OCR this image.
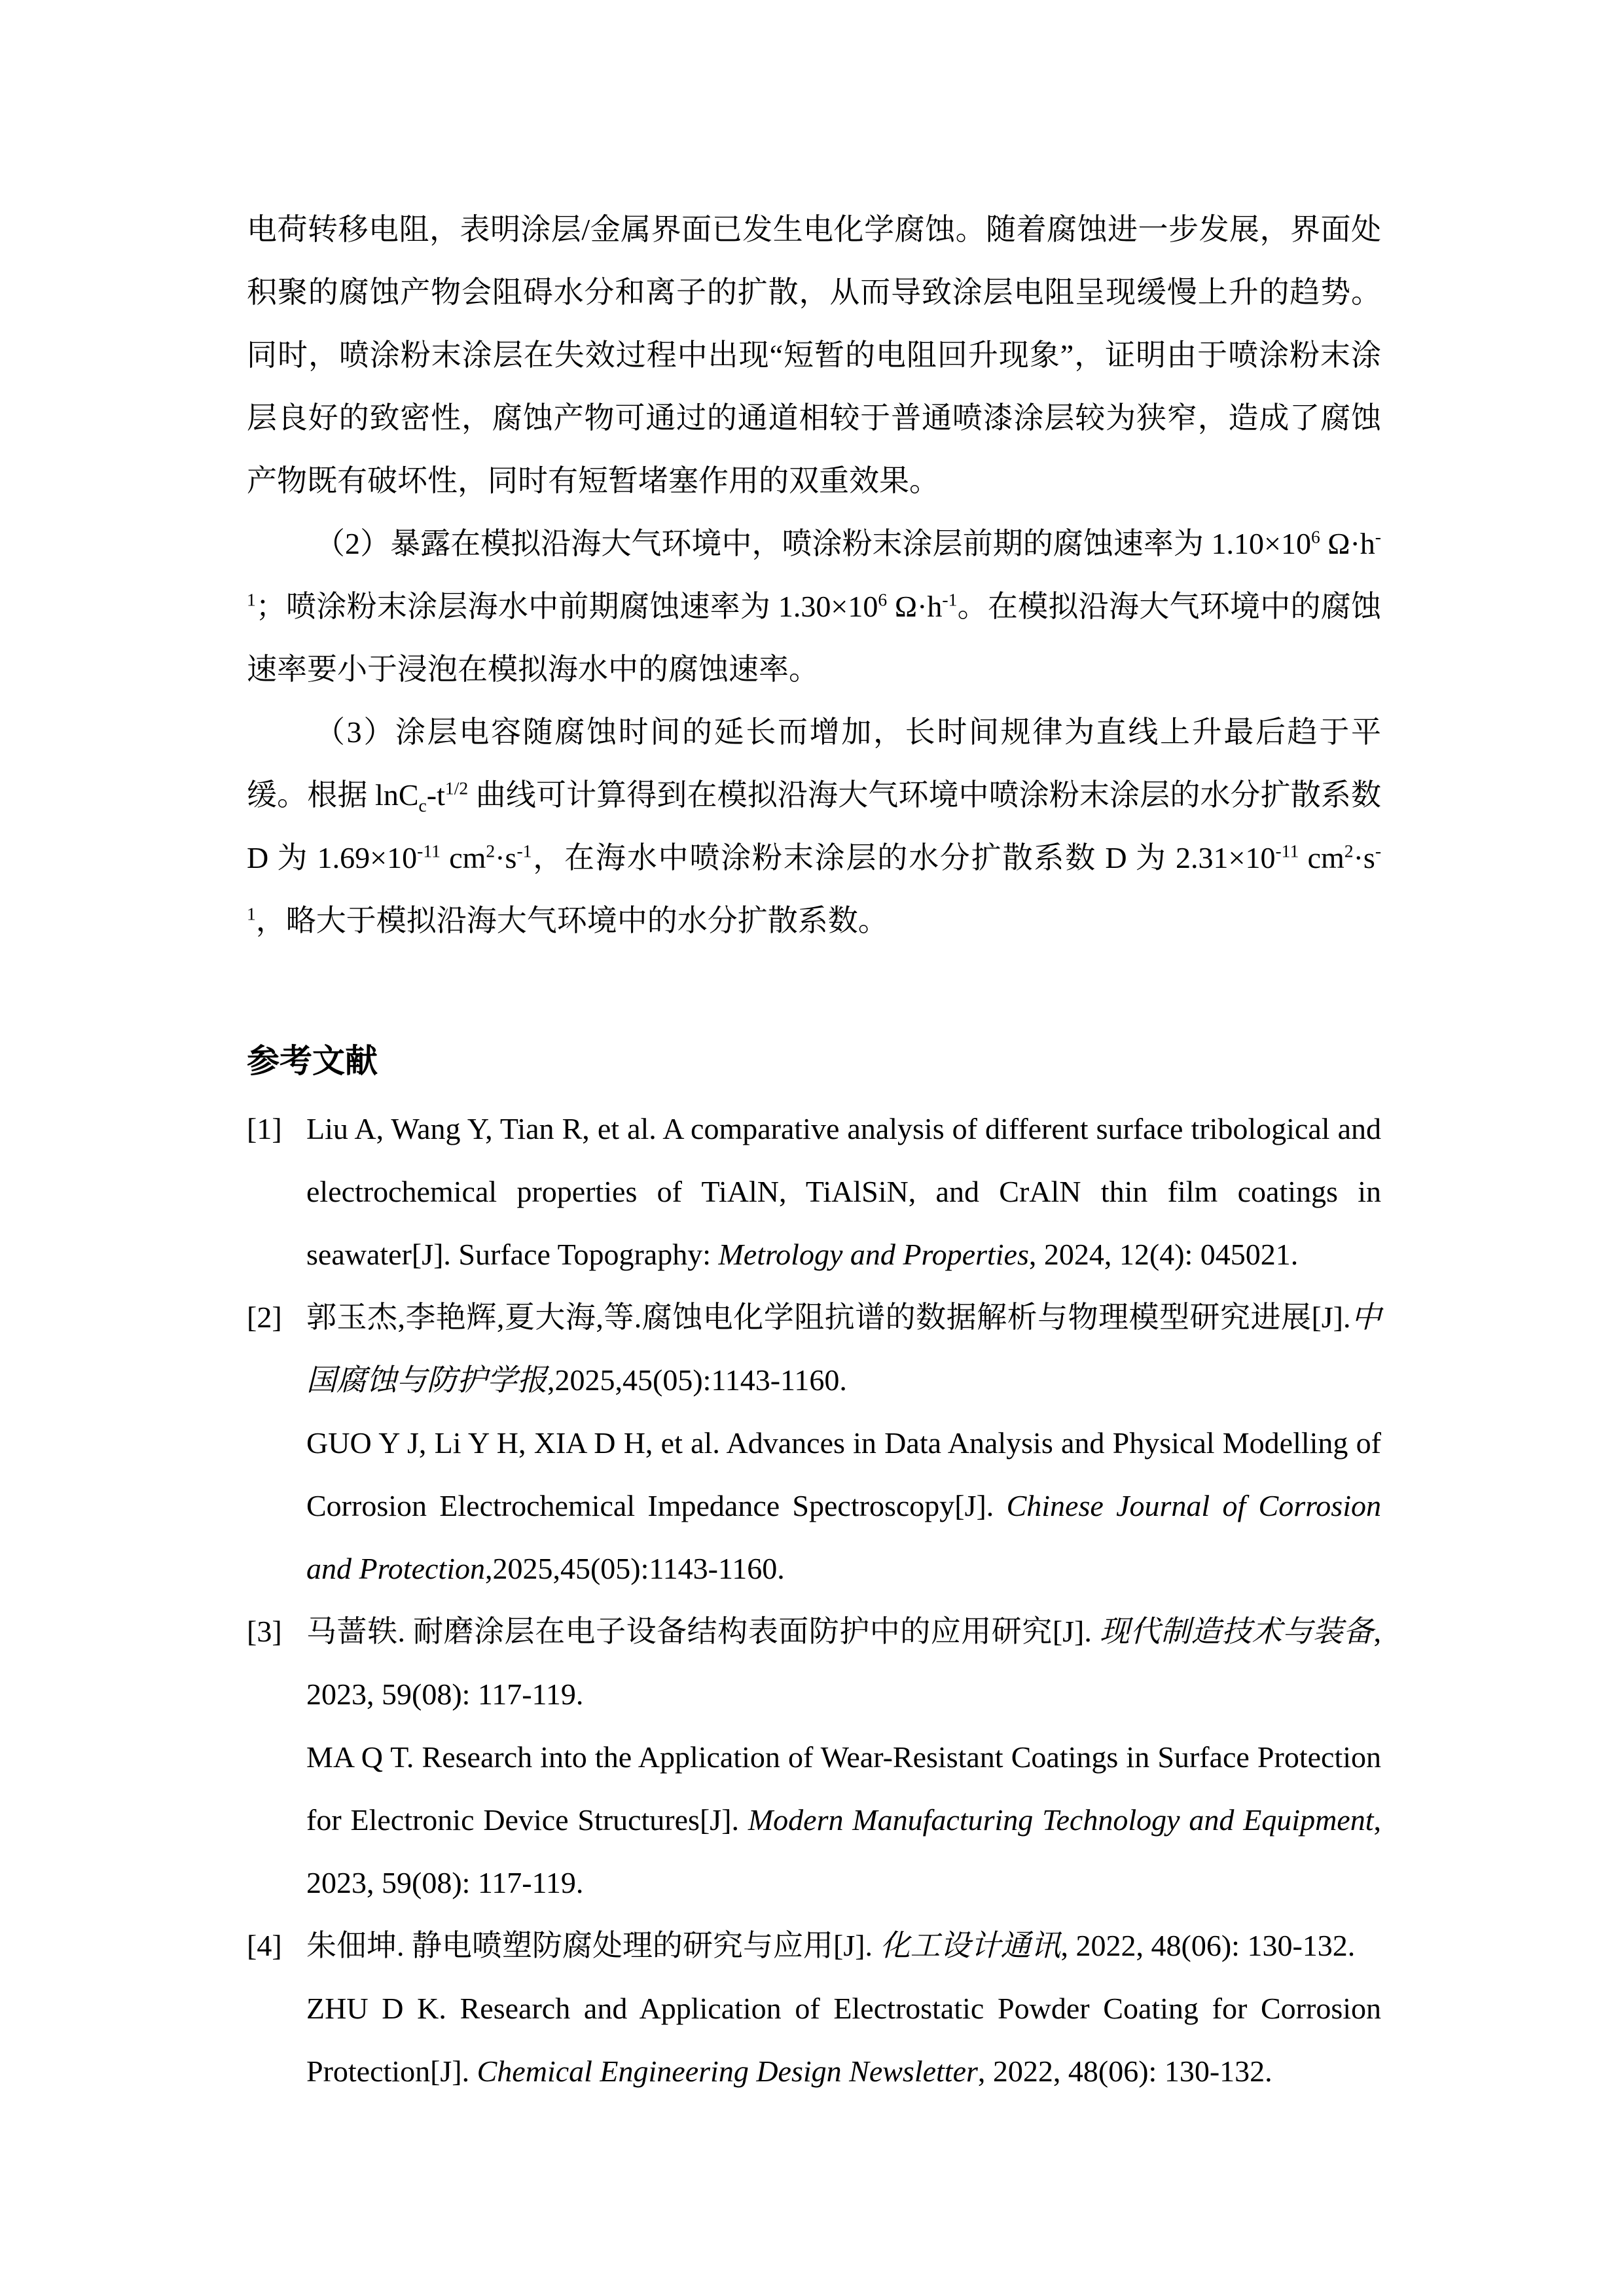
电荷转移电阻，表明涂层/金属界面已发生电化学腐蚀。随着腐蚀进一步发展，界面处积聚的腐蚀产物会阻碍水分和离子的扩散，从而导致涂层电阻呈现缓慢上升的趋势。同时，喷涂粉末涂层在失效过程中出现“短暂的电阻回升现象”，证明由于喷涂粉末涂层良好的致密性，腐蚀产物可通过的通道相较于普通喷漆涂层较为狭窄，造成了腐蚀产物既有破坏性，同时有短暂堵塞作用的双重效果。

（2）暴露在模拟沿海大气环境中，喷涂粉末涂层前期的腐蚀速率为 $1.10\times 10^6$ $\Omega\cdot h^{-1}$；喷涂粉末涂层海水中前期腐蚀速率为 $1.30\times 10^6$ $\Omega\cdot h^{-1}$。在模拟沿海大气环境中的腐蚀速率要小于浸泡在模拟海水中的腐蚀速率。

（3）涂层电容随腐蚀时间的延长而增加，长时间规律为直线上升最后趋于平缓。根据 $\ln C_c-t^{1/2}$ 曲线可计算得到在模拟沿海大气环境中喷涂粉末涂层的水分扩散系数 D 为 $1.69\times 10^{-11}$ $cm^2\cdot s^{-1}$，在海水中喷涂粉末涂层的水分扩散系数 D 为 $2.31\times 10^{-11}$ $cm^2\cdot s^{-1}$，略大于模拟沿海大气环境中的水分扩散系数。

参考文献
[1] Liu A, Wang Y, Tian R, et al. A comparative analysis of different surface tribological and electrochemical properties of TiAlN, TiAlSiN, and CrAlN thin film coatings in seawater[J]. Surface Topography: Metrology and Properties, 2024, 12(4): 045021.

[2] 郭玉杰,李艳辉,夏大海,等.腐蚀电化学阻抗谱的数据解析与物理模型研究进展[J].中国腐蚀与防护学报,2025,45(05):1143-1160.

GUO Y J, Li Y H, XIA D H, et al. Advances in Data Analysis and Physical Modelling of Corrosion Electrochemical Impedance Spectroscopy[J]. Chinese Journal of Corrosion and Protection,2025,45(05):1143-1160.

[3] 马蔷轶. 耐磨涂层在电子设备结构表面防护中的应用研究[J]. 现代制造技术与装备, 2023, 59(08): 117-119.

MA Q T. Research into the Application of Wear-Resistant Coatings in Surface Protection for Electronic Device Structures[J]. Modern Manufacturing Technology and Equipment, 2023, 59(08): 117-119.

[4] 朱佃坤. 静电喷塑防腐处理的研究与应用[J]. 化工设计通讯, 2022, 48(06): 130-132.

ZHU D K. Research and Application of Electrostatic Powder Coating for Corrosion Protection[J]. Chemical Engineering Design Newsletter, 2022, 48(06): 130-132.
